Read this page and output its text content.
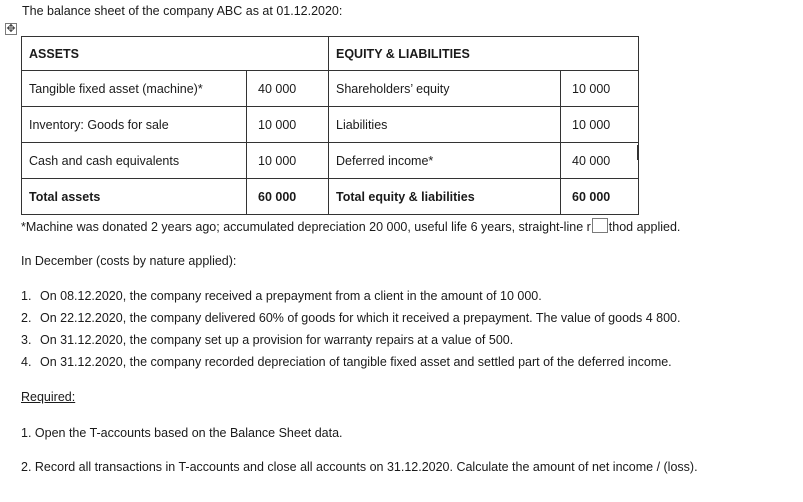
The balance sheet of the company ABC as at 01.12.2020:
✥
ASSETS		EQUITY & LIABILITIES	
Tangible fixed asset (machine)*	40 000	Shareholders’ equity	10 000
Inventory: Goods for sale	10 000	Liabilities	10 000
Cash and cash equivalents	10 000	Deferred income*	40 000
Total assets	60 000	Total equity & liabilities	60 000
*Machine was donated 2 years ago; accumulated depreciation 20 000, useful life 6 years, straight-line r thod applied.
In December (costs by nature applied):
1. On 08.12.2020, the company received a prepayment from a client in the amount of 10 000.
2. On 22.12.2020, the company delivered 60% of goods for which it received a prepayment. The value of goods 4 800.
3. On 31.12.2020, the company set up a provision for warranty repairs at a value of 500.
4. On 31.12.2020, the company recorded depreciation of tangible fixed asset and settled part of the deferred income.
Required:
1. Open the T-accounts based on the Balance Sheet data.
2. Record all transactions in T-accounts and close all accounts on 31.12.2020. Calculate the amount of net income / (loss).
